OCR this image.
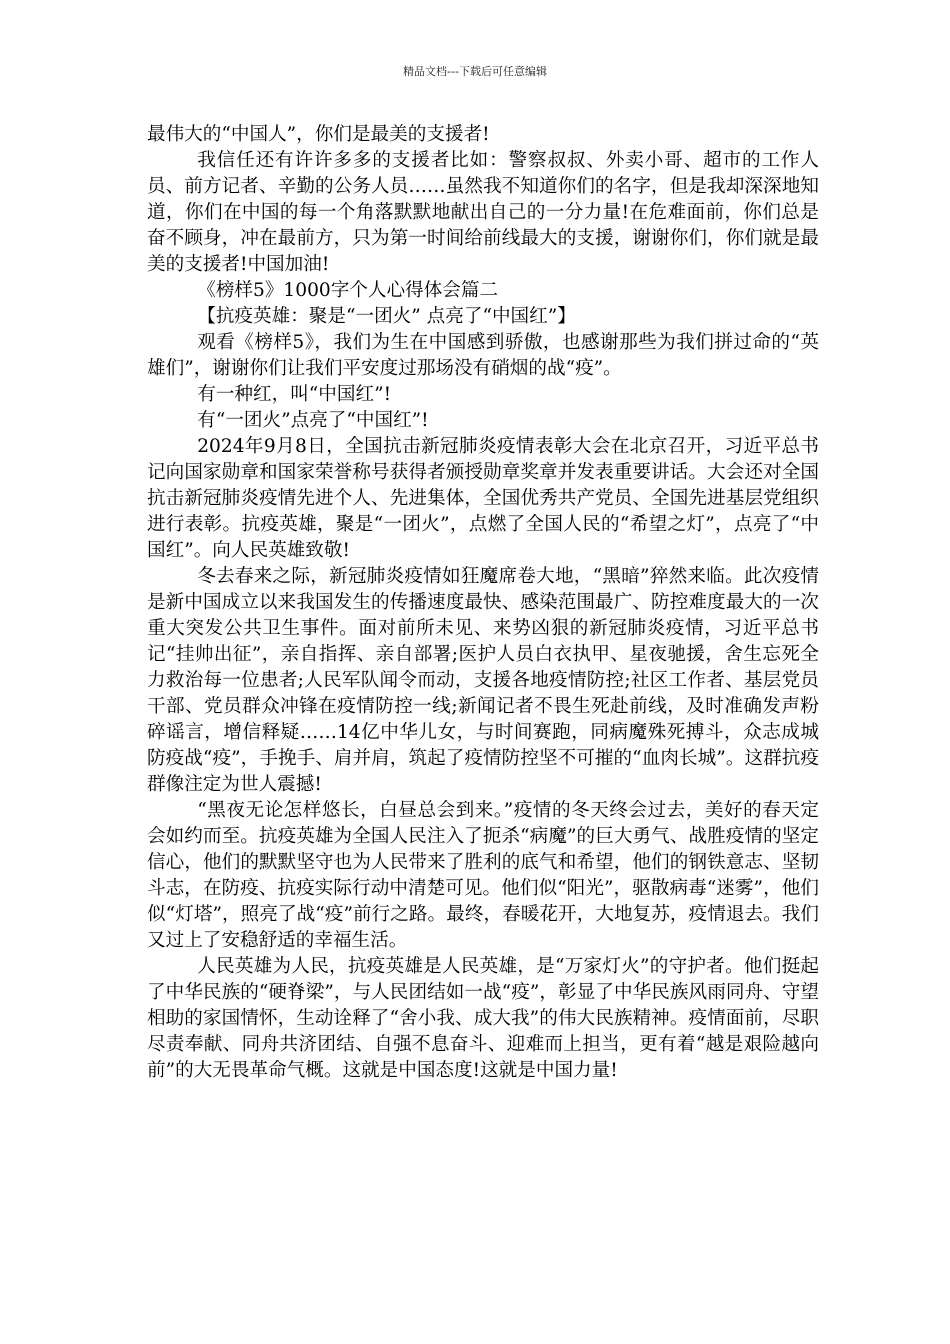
精品文档---下载后可任意编辑

最伟大的“中国人”，你们是最美的支援者!

我信任还有许许多多的支援者比如：警察叔叔、外卖小哥、超市的工作人员、前方记者、辛勤的公务人员……虽然我不知道你们的名字，但是我却深深地知道，你们在中国的每一个角落默默地献出自己的一分力量!在危难面前，你们总是奋不顾身，冲在最前方，只为第一时间给前线最大的支援，谢谢你们，你们就是最美的支援者!中国加油!

《榜样5》1000字个人心得体会篇二

【抗疫英雄：聚是“一团火” 点亮了“中国红”】

观看《榜样5》，我们为生在中国感到骄傲，也感谢那些为我们拼过命的“英雄们”，谢谢你们让我们平安度过那场没有硝烟的战“疫”。

有一种红，叫“中国红”!

有“一团火”点亮了“中国红”!

2024年9月8日，全国抗击新冠肺炎疫情表彰大会在北京召开，习近平总书记向国家勋章和国家荣誉称号获得者颁授勋章奖章并发表重要讲话。大会还对全国抗击新冠肺炎疫情先进个人、先进集体，全国优秀共产党员、全国先进基层党组织进行表彰。抗疫英雄，聚是“一团火”，点燃了全国人民的“希望之灯”，点亮了“中国红”。向人民英雄致敬!

冬去春来之际，新冠肺炎疫情如狂魔席卷大地，“黑暗”猝然来临。此次疫情是新中国成立以来我国发生的传播速度最快、感染范围最广、防控难度最大的一次重大突发公共卫生事件。面对前所未见、来势凶狠的新冠肺炎疫情，习近平总书记“挂帅出征”，亲自指挥、亲自部署;医护人员白衣执甲、星夜驰援，舍生忘死全力救治每一位患者;人民军队闻令而动，支援各地疫情防控;社区工作者、基层党员干部、党员群众冲锋在疫情防控一线;新闻记者不畏生死赴前线，及时准确发声粉碎谣言，增信释疑……14亿中华儿女，与时间赛跑，同病魔殊死搏斗，众志成城防疫战“疫”，手挽手、肩并肩，筑起了疫情防控坚不可摧的“血肉长城”。这群抗疫群像注定为世人震撼!

“黑夜无论怎样悠长，白昼总会到来。”疫情的冬天终会过去，美好的春天定会如约而至。抗疫英雄为全国人民注入了扼杀“病魔”的巨大勇气、战胜疫情的坚定信心，他们的默默坚守也为人民带来了胜利的底气和希望，他们的钢铁意志、坚韧斗志，在防疫、抗疫实际行动中清楚可见。他们似“阳光”，驱散病毒“迷雾”，他们似“灯塔”，照亮了战“疫”前行之路。最终，春暖花开，大地复苏，疫情退去。我们又过上了安稳舒适的幸福生活。

人民英雄为人民，抗疫英雄是人民英雄，是“万家灯火”的守护者。他们挺起了中华民族的“硬脊梁”，与人民团结如一战“疫”，彰显了中华民族风雨同舟、守望相助的家国情怀，生动诠释了“舍小我、成大我”的伟大民族精神。疫情面前，尽职尽责奉献、同舟共济团结、自强不息奋斗、迎难而上担当，更有着“越是艰险越向前”的大无畏革命气概。这就是中国态度!这就是中国力量!
